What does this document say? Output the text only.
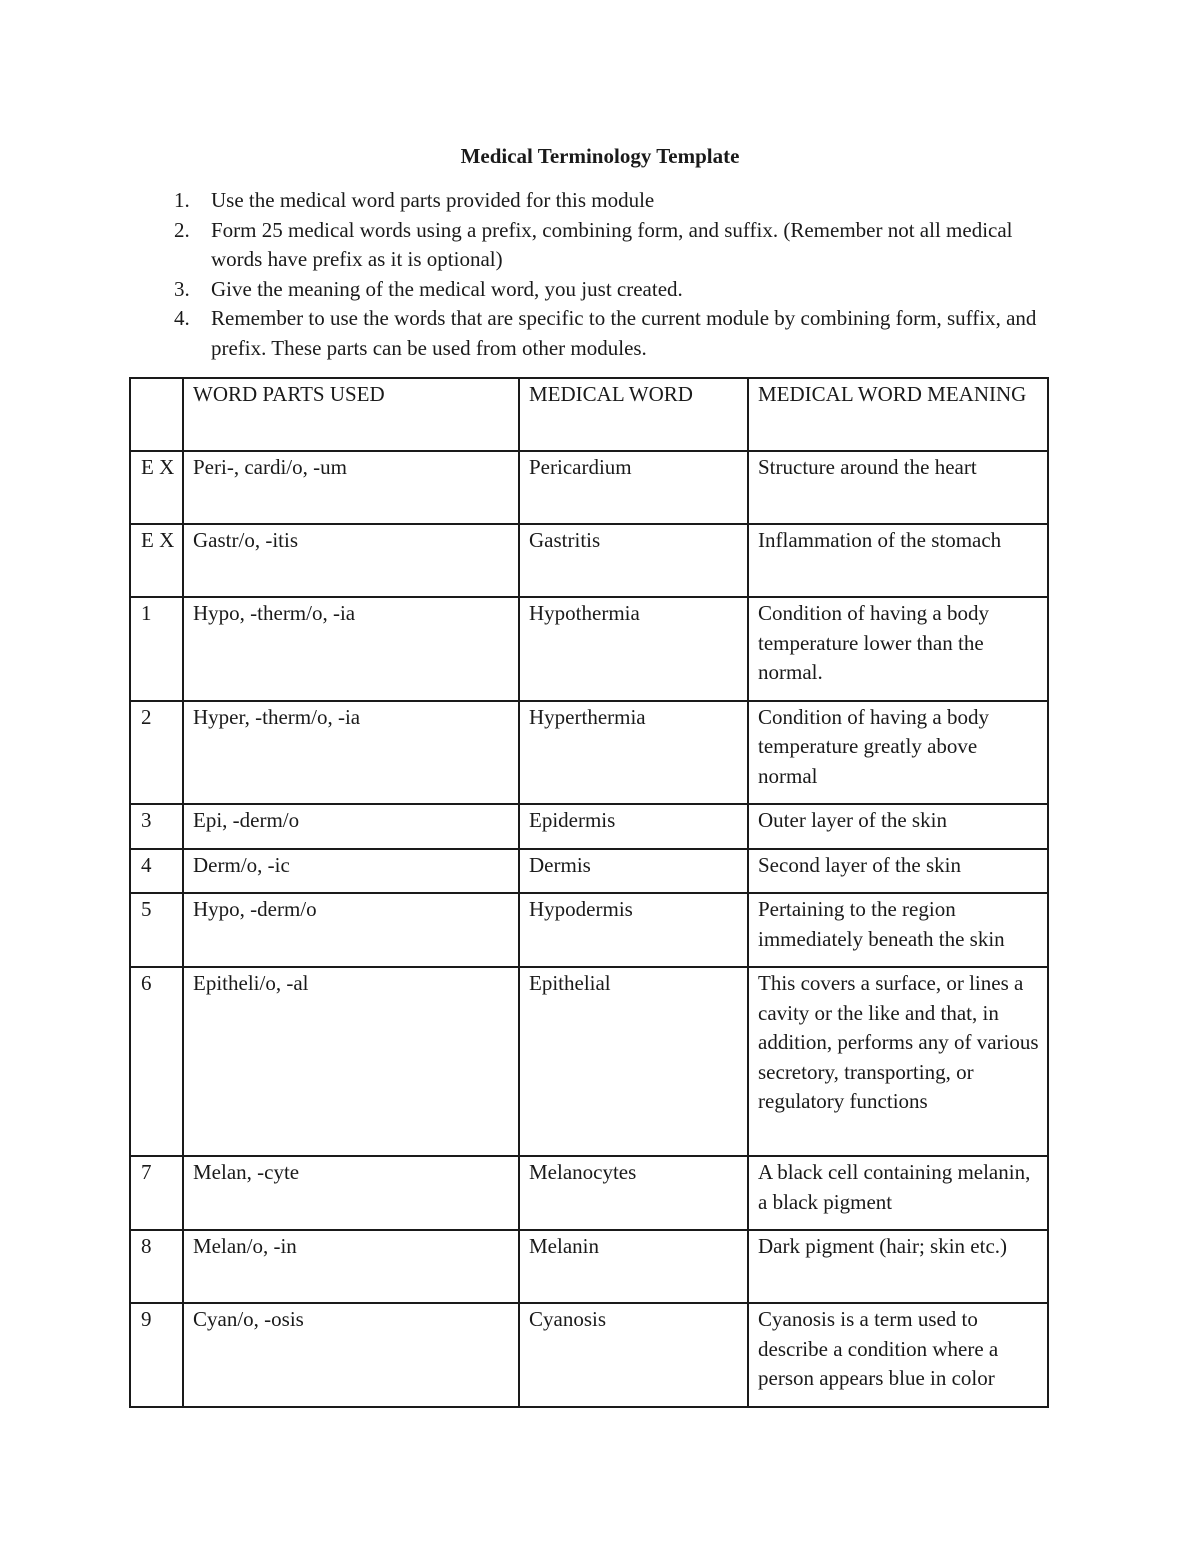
Medical Terminology Template
1. Use the medical word parts provided for this module
2. Form 25 medical words using a prefix, combining form, and suffix. (Remember not all medical words have prefix as it is optional)
3. Give the meaning of the medical word, you just created.
4. Remember to use the words that are specific to the current module by combining form, suffix, and prefix. These parts can be used from other modules.
	WORD PARTS USED	MEDICAL WORD	MEDICAL WORD MEANING
E X	Peri-, cardi/o, -um	Pericardium	Structure around the heart
E X	Gastr/o, -itis	Gastritis	Inflammation of the stomach
1	Hypo, -therm/o, -ia	Hypothermia	Condition of having a body temperature lower than the normal.
2	Hyper, -therm/o, -ia	Hyperthermia	Condition of having a body temperature greatly above normal
3	Epi, -derm/o	Epidermis	Outer layer of the skin
4	Derm/o, -ic	Dermis	Second layer of the skin
5	Hypo, -derm/o	Hypodermis	Pertaining to the region immediately beneath the skin
6	Epitheli/o, -al	Epithelial	This covers a surface, or lines a cavity or the like and that, in addition, performs any of various secretory, transporting, or regulatory functions
7	Melan, -cyte	Melanocytes	A black cell containing melanin, a black pigment
8	Melan/o, -in	Melanin	Dark pigment (hair; skin etc.)
9	Cyan/o, -osis	Cyanosis	Cyanosis is a term used to describe a condition where a person appears blue in color
